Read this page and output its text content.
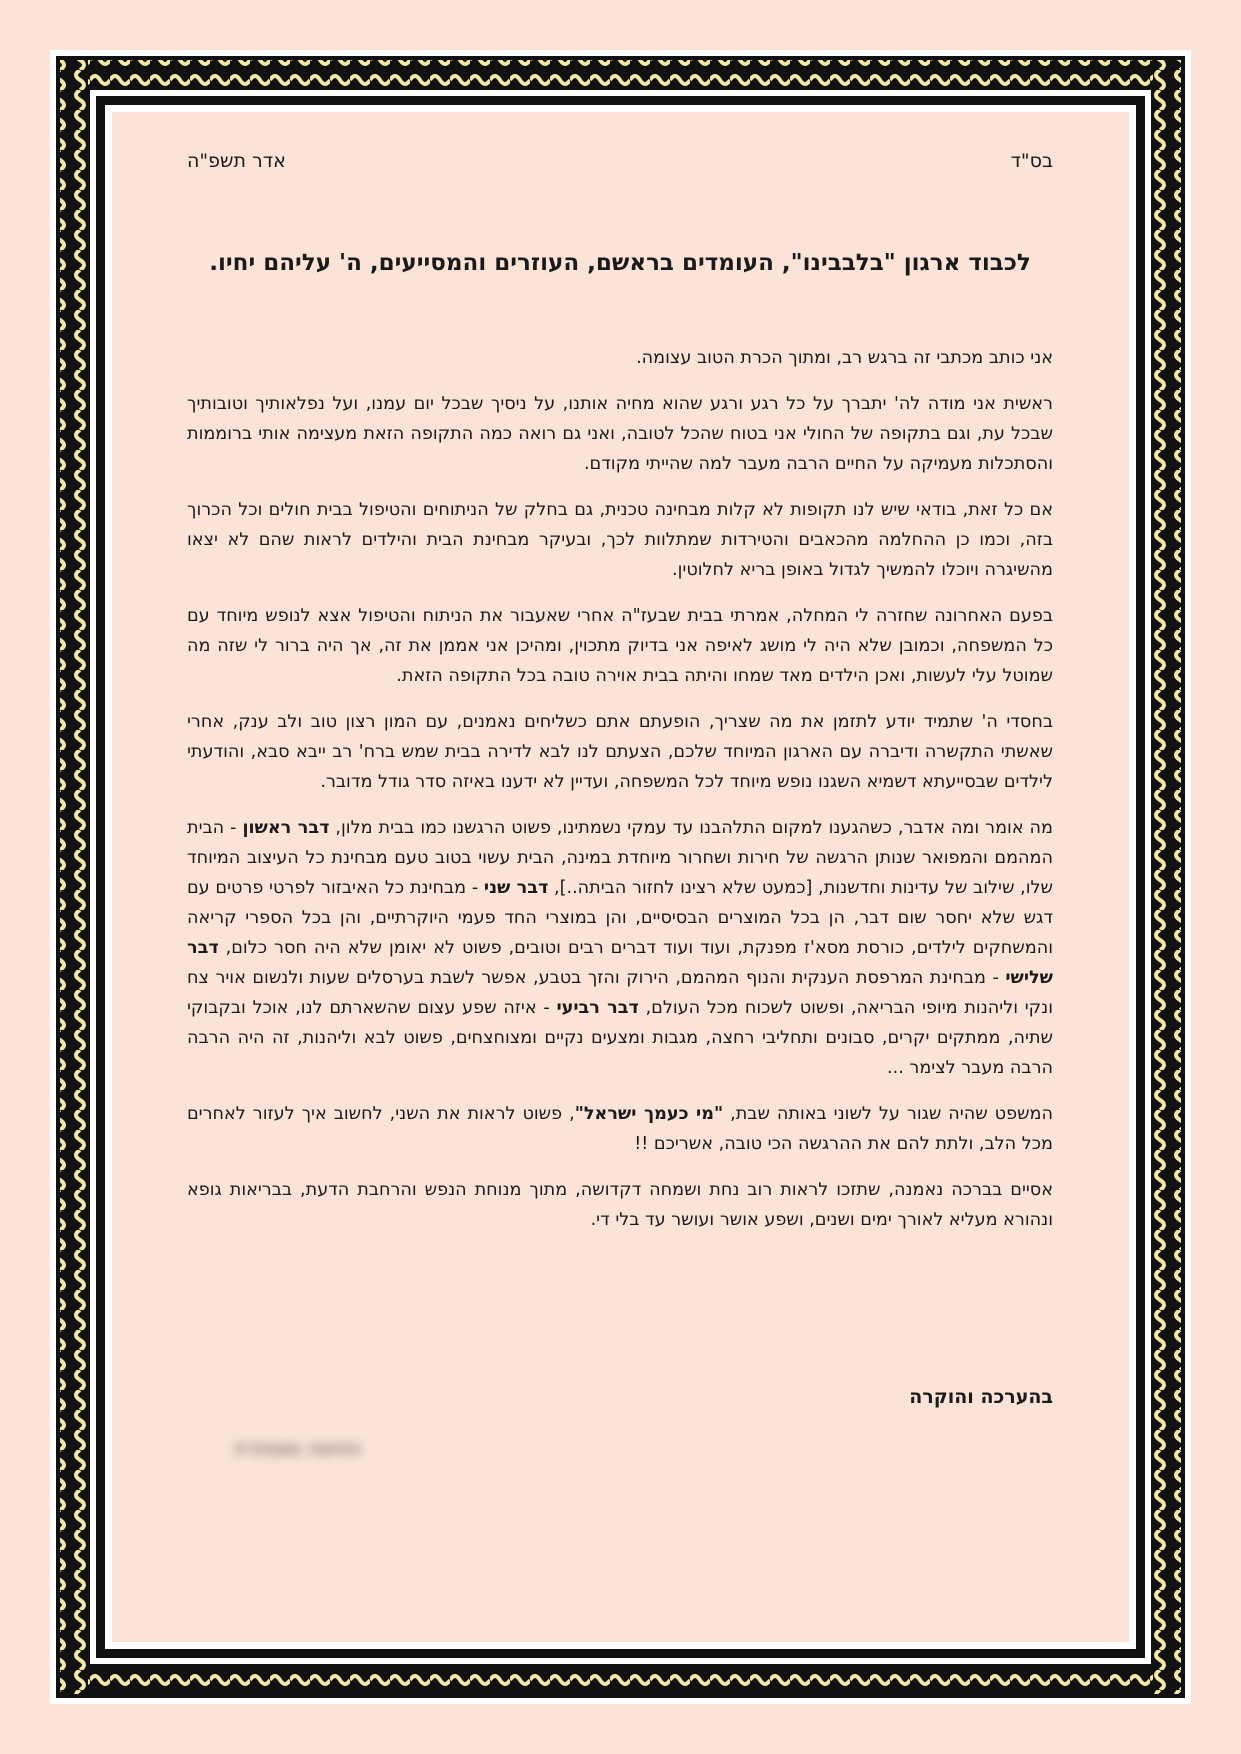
בס"ד
אדר תשפ"ה
לכבוד ארגון "בלבבינו", העומדים בראשם, העוזרים והמסייעים, ה' עליהם יחיו.

אני כותב מכתבי זה ברגש רב, ומתוך הכרת הטוב עצומה.

ראשית אני מודה לה' יתברך על כל רגע ורגע שהוא מחיה אותנו, על ניסיך שבכל יום עמנו, ועל נפלאותיך וטובותיך שבכל עת, וגם בתקופה של החולי אני בטוח שהכל לטובה, ואני גם רואה כמה התקופה הזאת מעצימה אותי ברוממות והסתכלות מעמיקה על החיים הרבה מעבר למה שהייתי מקודם.

אם כל זאת, בודאי שיש לנו תקופות לא קלות מבחינה טכנית, גם בחלק של הניתוחים והטיפול בבית חולים וכל הכרוך בזה, וכמו כן ההחלמה מהכאבים והטירדות שמתלוות לכך, ובעיקר מבחינת הבית והילדים לראות שהם לא יצאו מהשיגרה ויוכלו להמשיך לגדול באופן בריא לחלוטין.

בפעם האחרונה שחזרה לי המחלה, אמרתי בבית שבעז"ה אחרי שאעבור את הניתוח והטיפול אצא לנופש מיוחד עם כל המשפחה, וכמובן שלא היה לי מושג לאיפה אני בדיוק מתכוין, ומהיכן אני אממן את זה, אך היה ברור לי שזה מה שמוטל עלי לעשות, ואכן הילדים מאד שמחו והיתה בבית אוירה טובה בכל התקופה הזאת.

בחסדי ה' שתמיד יודע לתזמן את מה שצריך, הופעתם אתם כשליחים נאמנים, עם המון רצון טוב ולב ענק, אחרי שאשתי התקשרה ודיברה עם הארגון המיוחד שלכם, הצעתם לנו לבא לדירה בבית שמש ברח' רב ייבא סבא, והודעתי לילדים שבסייעתא דשמיא השגנו נופש מיוחד לכל המשפחה, ועדיין לא ידענו באיזה סדר גודל מדובר.

מה אומר ומה אדבר, כשהגענו למקום התלהבנו עד עמקי נשמתינו, פשוט הרגשנו כמו בבית מלון, דבר ראשון - הבית המהמם והמפואר שנותן הרגשה של חירות ושחרור מיוחדת במינה, הבית עשוי בטוב טעם מבחינת כל העיצוב המיוחד שלו, שילוב של עדינות וחדשנות, [כמעט שלא רצינו לחזור הביתה..], דבר שני - מבחינת כל האיבזור לפרטי פרטים עם דגש שלא יחסר שום דבר, הן בכל המוצרים הבסיסיים, והן במוצרי החד פעמי היוקרתיים, והן בכל הספרי קריאה והמשחקים לילדים, כורסת מסא'ז מפנקת, ועוד ועוד דברים רבים וטובים, פשוט לא יאומן שלא היה חסר כלום, דבר שלישי - מבחינת המרפסת הענקית והנוף המהמם, הירוק והזך בטבע, אפשר לשבת בערסלים שעות ולנשום אויר צח ונקי וליהנות מיופי הבריאה, ופשוט לשכוח מכל העולם, דבר רביעי - איזה שפע עצום שהשארתם לנו, אוכל ובקבוקי שתיה, ממתקים יקרים, סבונים ותחליבי רחצה, מגבות ומצעים נקיים ומצוחצחים, פשוט לבא וליהנות, זה היה הרבה הרבה מעבר לצימר ...

המשפט שהיה שגור על לשוני באותה שבת, "מי כעמך ישראל", פשוט לראות את השני, לחשוב איך לעזור לאחרים מכל הלב, ולתת להם את ההרגשה הכי טובה, אשריכם !!

אסיים בברכה נאמנה, שתזכו לראות רוב נחת ושמחה דקדושה, מתוך מנוחת הנפש והרחבת הדעת, בבריאות גופא ונהורא מעליא לאורך ימים ושנים, ושפע אושר ועושר עד בלי די.

בהערכה והוקרה
חתימה מוסתרת
